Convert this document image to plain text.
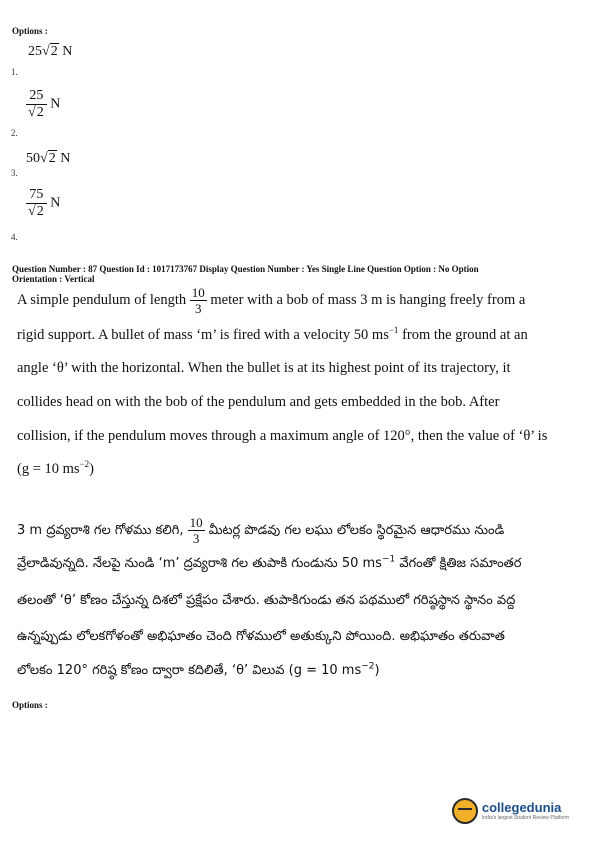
Options :
25√2 N
1.
$\frac{25}{√2}$ N
2.
50√2 N
3.
$\frac{75}{√2}$ N
4.
Question Number : 87 Question Id : 1017173767 Display Question Number : Yes Single Line Question Option : No Option
Orientation : Vertical
A simple pendulum of length $\frac{10}{3}$ meter with a bob of mass 3 m is hanging freely from a
rigid support. A bullet of mass ‘m’ is fired with a velocity 50 $ms^{-1}$ from the ground at an
angle ‘θ’ with the horizontal. When the bullet is at its highest point of its trajectory, it
collides head on with the bob of the pendulum and gets embedded in the bob. After
collision, if the pendulum moves through a maximum angle of 120°, then the value of ‘θ’ is
(g = 10 $ms^{-2}$)
3 m ద్రవ్యరాశి గల గోళము కలిగి, $\frac{10}{3}$ మీటర్ల పొడవు గల లఘు లోలకం స్థిరమైన ఆధారము నుండి
వ్రేలాడివున్నది. నేలపై నుండి ‘m’ ద్రవ్యరాశి గల తుపాకి గుండును 50 $ms^{-1}$ వేగంతో క్షితిజ సమాంతర
తలంతో ‘θ’ కోణం చేస్తున్న దిశలో ప్రక్షేపం చేశారు. తుపాకిగుండు తన పథములో గరిష్ఠస్థాన స్థానం వద్ద
ఉన్నప్పుడు లోలకగోళంతో అభిఘాతం చెంది గోళములో అతుక్కుని పోయింది. అభిఘాతం తరువాత
లోలకం 120° గరిష్ఠ కోణం ద్వారా కదిలితే, ‘θ’ విలువ (g = 10 $ms^{-2}$)
Options :
collegedunia
India's largest Student Review Platform
